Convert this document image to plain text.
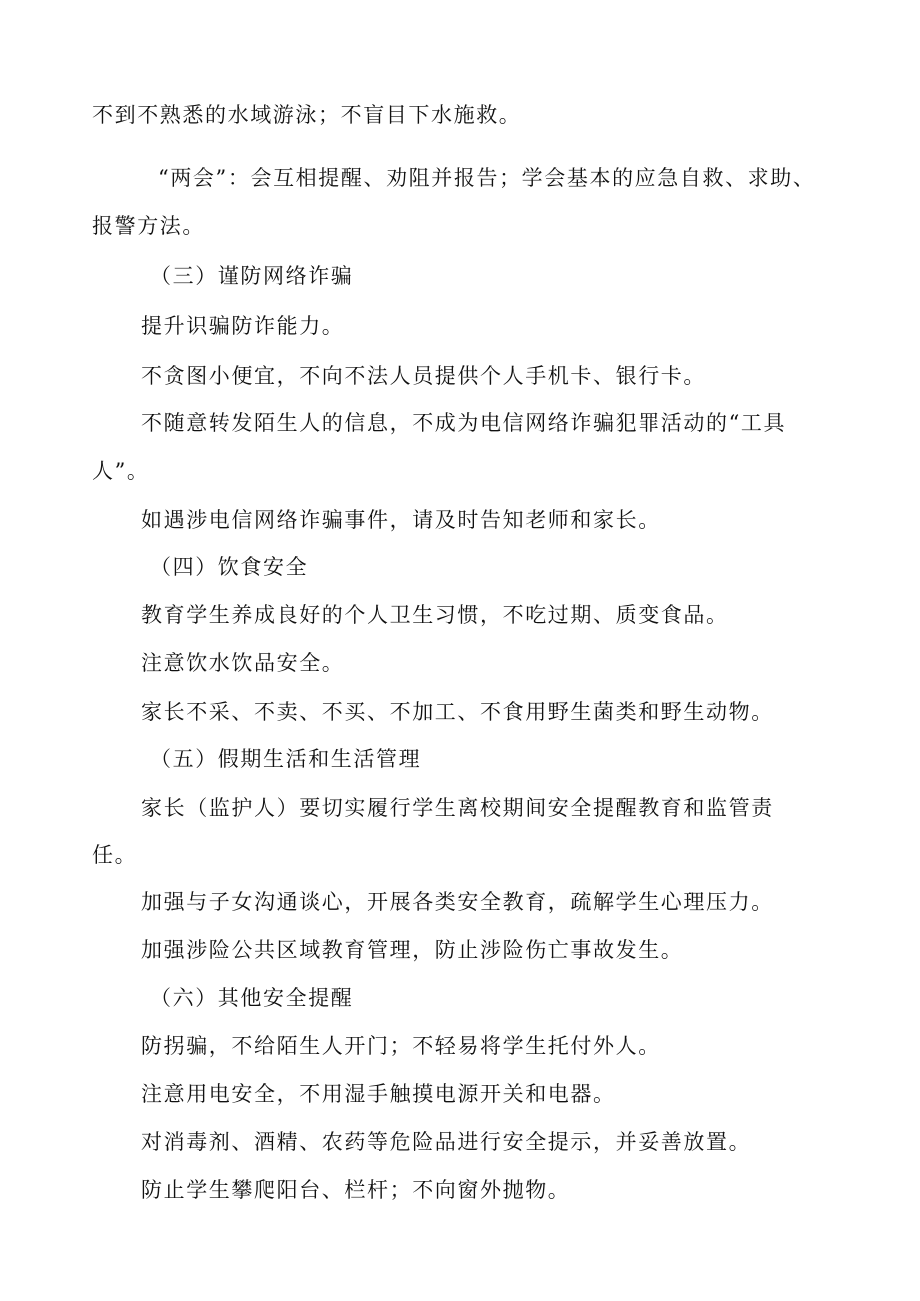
不到不熟悉的水域游泳；不盲目下水施救。
“两会”：会互相提醒、劝阻并报告；学会基本的应急自救、求助、
报警方法。
（三）谨防网络诈骗
提升识骗防诈能力。
不贪图小便宜，不向不法人员提供个人手机卡、银行卡。
不随意转发陌生人的信息，不成为电信网络诈骗犯罪活动的“工具
人”。
如遇涉电信网络诈骗事件，请及时告知老师和家长。
（四）饮食安全
教育学生养成良好的个人卫生习惯，不吃过期、质变食品。
注意饮水饮品安全。
家长不采、不卖、不买、不加工、不食用野生菌类和野生动物。
（五）假期生活和生活管理
家长（监护人）要切实履行学生离校期间安全提醒教育和监管责
任。
加强与子女沟通谈心，开展各类安全教育，疏解学生心理压力。
加强涉险公共区域教育管理，防止涉险伤亡事故发生。
（六）其他安全提醒
防拐骗，不给陌生人开门；不轻易将学生托付外人。
注意用电安全，不用湿手触摸电源开关和电器。
对消毒剂、酒精、农药等危险品进行安全提示，并妥善放置。
防止学生攀爬阳台、栏杆；不向窗外抛物。
